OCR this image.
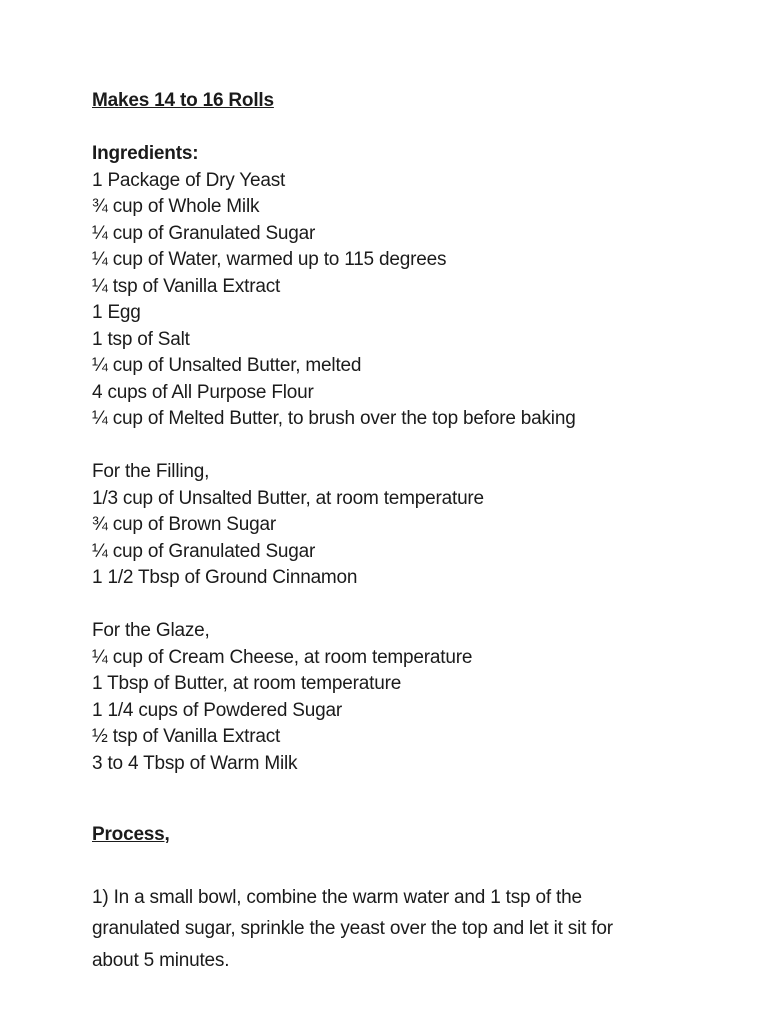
Makes 14 to 16 Rolls
Ingredients:
1 Package of Dry Yeast
¾ cup of Whole Milk
¼ cup of Granulated Sugar
¼ cup of Water, warmed up to 115 degrees
¼ tsp of Vanilla Extract
1 Egg
1 tsp of Salt
¼ cup of Unsalted Butter, melted
4 cups of All Purpose Flour
¼ cup of Melted Butter, to brush over the top before baking
For the Filling,
1/3 cup of Unsalted Butter, at room temperature
¾ cup of Brown Sugar
¼ cup of Granulated Sugar
1 1/2 Tbsp of Ground Cinnamon
For the Glaze,
¼ cup of Cream Cheese, at room temperature
1 Tbsp of Butter, at room temperature
1 1/4 cups of Powdered Sugar
½ tsp of Vanilla Extract
3 to 4 Tbsp of Warm Milk
Process,
1) In a small bowl, combine the warm water and 1 tsp of the
granulated sugar, sprinkle the yeast over the top and let it sit for
about 5 minutes.
